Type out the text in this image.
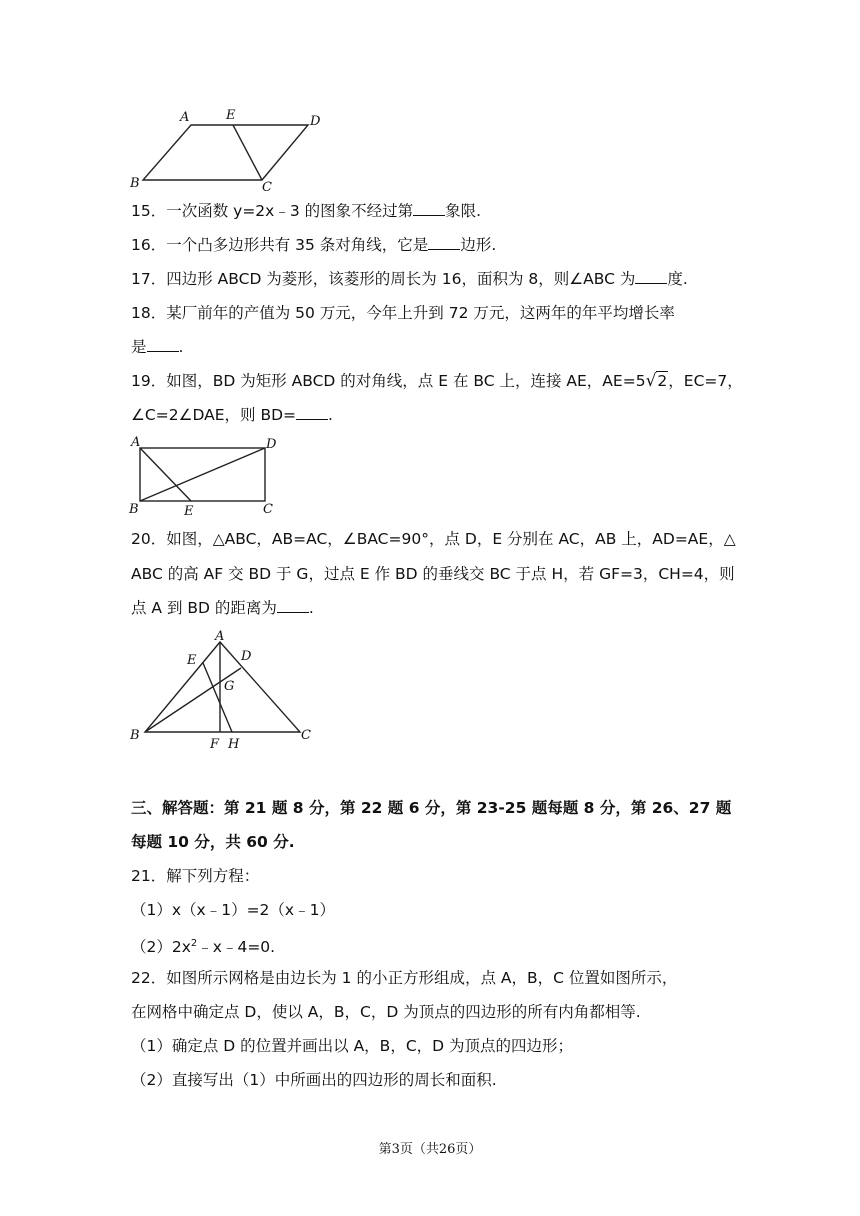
A	E	D
B	C
15．一次函数 y=2x﹣3 的图象不经过第 象限.
16．一个凸多边形共有 35 条对角线，它是 边形.
17．四边形 ABCD 为菱形，该菱形的周长为 16，面积为 8，则∠ABC 为 度.
18．某厂前年的产值为 50 万元，今年上升到 72 万元，这两年的年平均增长率
是 .
19．如图，BD 为矩形 ABCD 的对角线，点 E 在 BC 上，连接 AE，AE=5√2，EC=7，
∠C=2∠DAE，则 BD= .
A	D
B	E	C
20．如图，△ABC，AB=AC，∠BAC=90°，点 D，E 分别在 AC，AB 上，AD=AE，△
ABC 的高 AF 交 BD 于 G，过点 E 作 BD 的垂线交 BC 于点 H，若 GF=3，CH=4，则
点 A 到 BD 的距离为 .
A
E	D
G
B
F H
C
三、解答题：第 21 题 8 分，第 22 题 6 分，第 23-25 题每题 8 分，第 26、27 题
每题 10 分，共 60 分.
21．解下列方程：
（1）x（x﹣1）=2（x﹣1）
$(2)2x^2﹣x﹣4=0$.
22．如图所示网格是由边长为 1 的小正方形组成，点 A，B，C 位置如图所示，
在网格中确定点 D，使以 A，B，C，D 为顶点的四边形的所有内角都相等.
（1）确定点 D 的位置并画出以 A，B，C，D 为顶点的四边形；
（2）直接写出（1）中所画出的四边形的周长和面积.
第3页（共26页）
